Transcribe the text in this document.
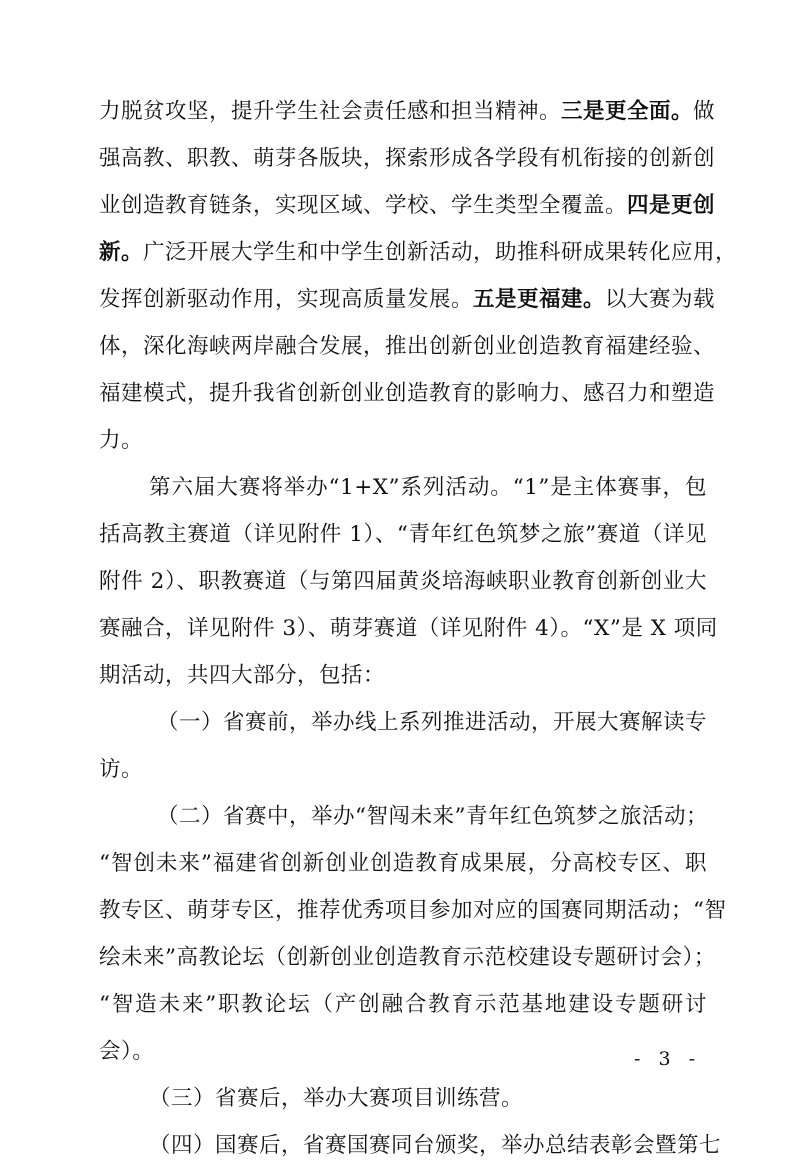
力脱贫攻坚，提升学生社会责任感和担当精神。三是更全面。做
强高教、职教、萌芽各版块，探索形成各学段有机衔接的创新创
业创造教育链条，实现区域、学校、学生类型全覆盖。四是更创
新。广泛开展大学生和中学生创新活动，助推科研成果转化应用，
发挥创新驱动作用，实现高质量发展。五是更福建。以大赛为载
体，深化海峡两岸融合发展，推出创新创业创造教育福建经验、
福建模式，提升我省创新创业创造教育的影响力、感召力和塑造
力。
第六届大赛将举办“1+X”系列活动。“1”是主体赛事，包
括高教主赛道（详见附件 1）、“青年红色筑梦之旅”赛道（详见
附件 2）、职教赛道（与第四届黄炎培海峡职业教育创新创业大
赛融合，详见附件 3）、萌芽赛道（详见附件 4）。“X”是 X 项同
期活动，共四大部分，包括：
（一）省赛前，举办线上系列推进活动，开展大赛解读专
访。
（二）省赛中，举办“智闯未来”青年红色筑梦之旅活动；
“智创未来”福建省创新创业创造教育成果展，分高校专区、职
教专区、萌芽专区，推荐优秀项目参加对应的国赛同期活动；“智
绘未来”高教论坛（创新创业创造教育示范校建设专题研讨会）；
“智造未来”职教论坛（产创融合教育示范基地建设专题研讨
会）。
（三）省赛后，举办大赛项目训练营。
（四）国赛后，省赛国赛同台颁奖，举办总结表彰会暨第七
- 3 -
